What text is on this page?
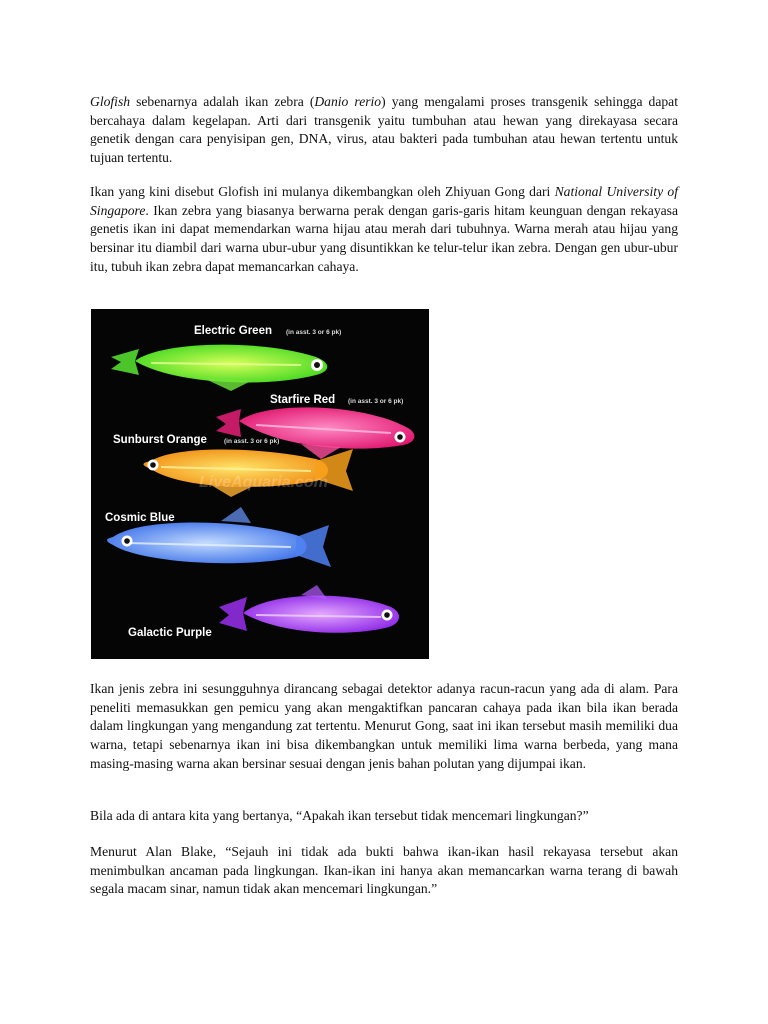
Glofish sebenarnya adalah ikan zebra (Danio rerio) yang mengalami proses transgenik sehingga dapat bercahaya dalam kegelapan. Arti dari transgenik yaitu tumbuhan atau hewan yang direkayasa secara genetik dengan cara penyisipan gen, DNA, virus, atau bakteri pada tumbuhan atau hewan tertentu untuk tujuan tertentu.

Ikan yang kini disebut Glofish ini mulanya dikembangkan oleh Zhiyuan Gong dari National University of Singapore. Ikan zebra yang biasanya berwarna perak dengan garis-garis hitam keunguan dengan rekayasa genetis ikan ini dapat memendarkan warna hijau atau merah dari tubuhnya. Warna merah atau hijau yang bersinar itu diambil dari warna ubur-ubur yang disuntikkan ke telur-telur ikan zebra. Dengan gen ubur-ubur itu, tubuh ikan zebra dapat memancarkan cahaya.

Electric Green (in asst. 3 or 6 pk)
Starfire Red (in asst. 3 or 6 pk)
Sunburst Orange	(in asst. 3 or 6 pk)
LiveAquaria.com
Cosmic Blue
Galactic Purple

Ikan jenis zebra ini sesungguhnya dirancang sebagai detektor adanya racun-racun yang ada di alam. Para peneliti memasukkan gen pemicu yang akan mengaktifkan pancaran cahaya pada ikan bila ikan berada dalam lingkungan yang mengandung zat tertentu. Menurut Gong, saat ini ikan tersebut masih memiliki dua warna, tetapi sebenarnya ikan ini bisa dikembangkan untuk memiliki lima warna berbeda, yang mana masing-masing warna akan bersinar sesuai dengan jenis bahan polutan yang dijumpai ikan.

Bila ada di antara kita yang bertanya, “Apakah ikan tersebut tidak mencemari lingkungan?”

Menurut Alan Blake, “Sejauh ini tidak ada bukti bahwa ikan-ikan hasil rekayasa tersebut akan menimbulkan ancaman pada lingkungan. Ikan-ikan ini hanya akan memancarkan warna terang di bawah segala macam sinar, namun tidak akan mencemari lingkungan.”
